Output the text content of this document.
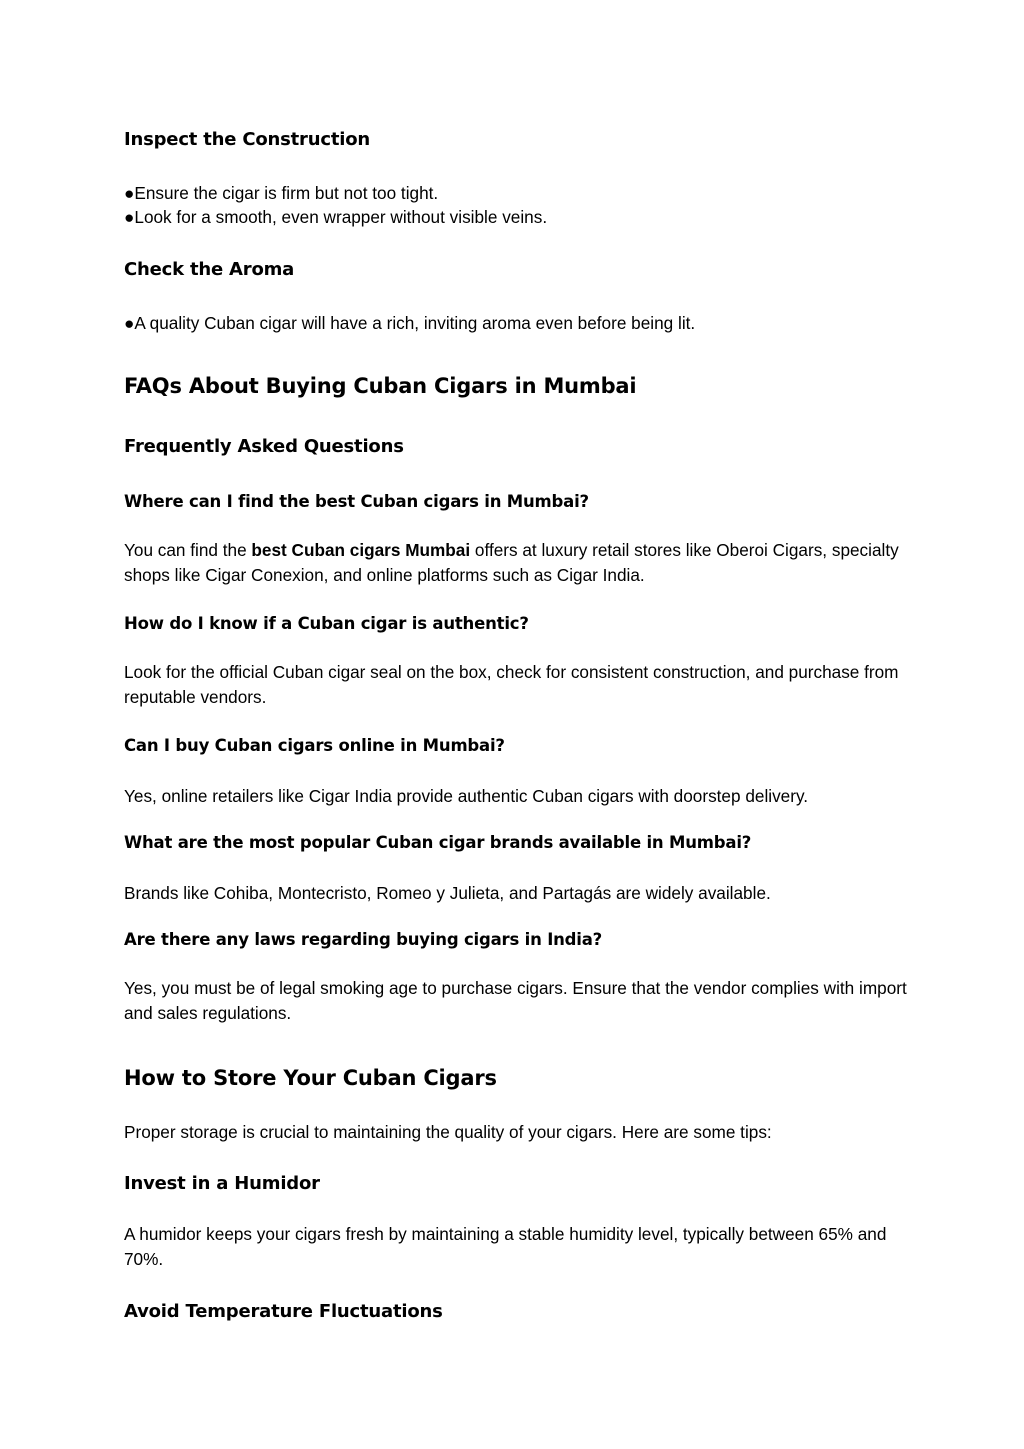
Inspect the Construction

●Ensure the cigar is firm but not too tight.

●Look for a smooth, even wrapper without visible veins.

Check the Aroma

●A quality Cuban cigar will have a rich, inviting aroma even before being lit.

FAQs About Buying Cuban Cigars in Mumbai
Frequently Asked Questions
Where can I find the best Cuban cigars in Mumbai?

You can find the best Cuban cigars Mumbai offers at luxury retail stores like Oberoi Cigars, specialty shops like Cigar Conexion, and online platforms such as Cigar India.

How do I know if a Cuban cigar is authentic?

Look for the official Cuban cigar seal on the box, check for consistent construction, and purchase from reputable vendors.

Can I buy Cuban cigars online in Mumbai?

Yes, online retailers like Cigar India provide authentic Cuban cigars with doorstep delivery.

What are the most popular Cuban cigar brands available in Mumbai?

Brands like Cohiba, Montecristo, Romeo y Julieta, and Partagás are widely available.

Are there any laws regarding buying cigars in India?

Yes, you must be of legal smoking age to purchase cigars. Ensure that the vendor complies with import and sales regulations.

How to Store Your Cuban Cigars

Proper storage is crucial to maintaining the quality of your cigars. Here are some tips:

Invest in a Humidor

A humidor keeps your cigars fresh by maintaining a stable humidity level, typically between 65% and 70%.

Avoid Temperature Fluctuations
